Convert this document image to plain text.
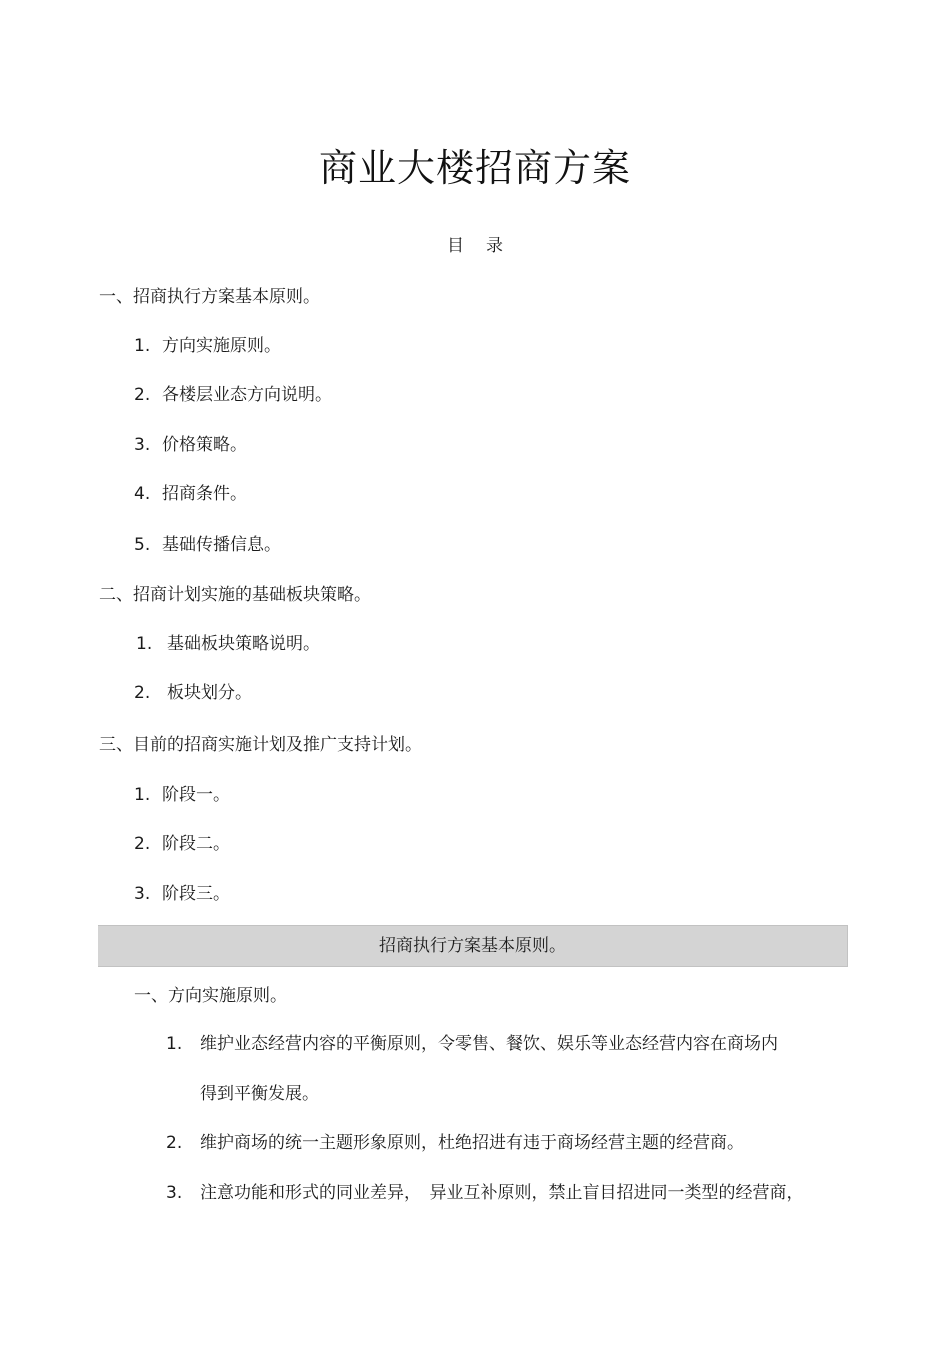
商业大楼招商方案
目 录
一、招商执行方案基本原则。
1. 方向实施原则。
2. 各楼层业态方向说明。
3. 价格策略。
4. 招商条件。
5. 基础传播信息。
二、招商计划实施的基础板块策略。
1. 基础板块策略说明。
2. 板块划分。
三、目前的招商实施计划及推广支持计划。
1. 阶段一。
2. 阶段二。
3. 阶段三。
招商执行方案基本原则。
一、方向实施原则。
1. 维护业态经营内容的平衡原则，令零售、餐饮、娱乐等业态经营内容在商场内
得到平衡发展。
2. 维护商场的统一主题形象原则，杜绝招进有违于商场经营主题的经营商。
3. 注意功能和形式的同业差异，　异业互补原则，禁止盲目招进同一类型的经营商，
